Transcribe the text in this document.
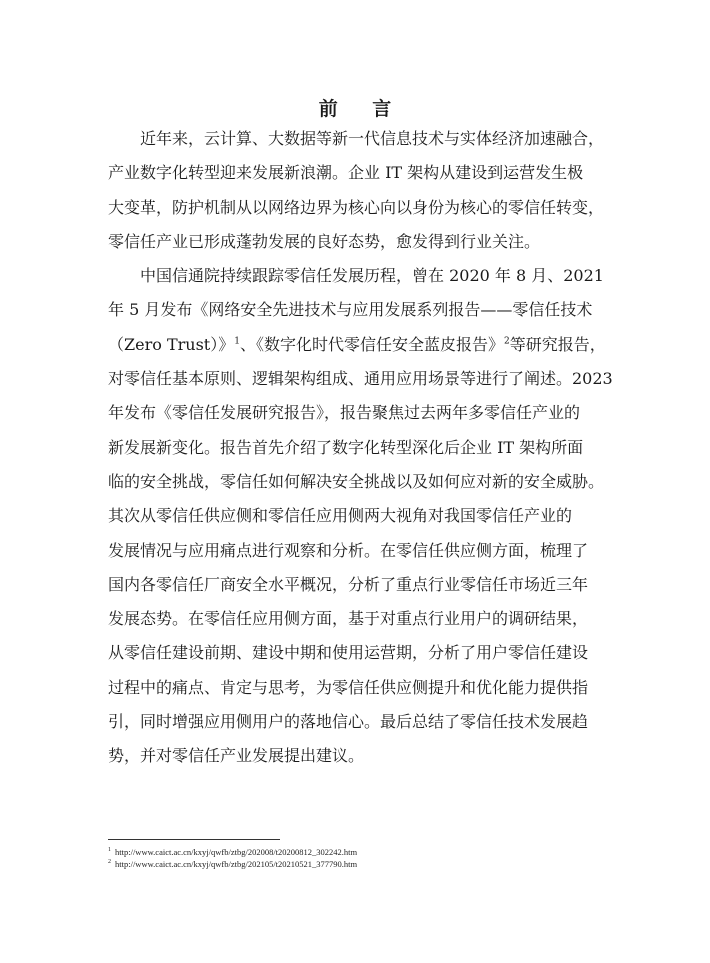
前 言
近年来，云计算、大数据等新一代信息技术与实体经济加速融合，
产业数字化转型迎来发展新浪潮。企业 IT 架构从建设到运营发生极
大变革，防护机制从以网络边界为核心向以身份为核心的零信任转变，
零信任产业已形成蓬勃发展的良好态势，愈发得到行业关注。
中国信通院持续跟踪零信任发展历程，曾在 2020 年 8 月、2021
年 5 月发布《网络安全先进技术与应用发展系列报告——零信任技术
（Zero Trust）》$^1$、《数字化时代零信任安全蓝皮报告》$^2$等研究报告，
对零信任基本原则、逻辑架构组成、通用应用场景等进行了阐述。2023
年发布《零信任发展研究报告》，报告聚焦过去两年多零信任产业的
新发展新变化。报告首先介绍了数字化转型深化后企业 IT 架构所面
临的安全挑战，零信任如何解决安全挑战以及如何应对新的安全威胁。
其次从零信任供应侧和零信任应用侧两大视角对我国零信任产业的
发展情况与应用痛点进行观察和分析。在零信任供应侧方面，梳理了
国内各零信任厂商安全水平概况，分析了重点行业零信任市场近三年
发展态势。在零信任应用侧方面，基于对重点行业用户的调研结果，
从零信任建设前期、建设中期和使用运营期，分析了用户零信任建设
过程中的痛点、肯定与思考，为零信任供应侧提升和优化能力提供指
引，同时增强应用侧用户的落地信心。最后总结了零信任技术发展趋
势，并对零信任产业发展提出建议。
$^1$ http://www.caict.ac.cn/kxyj/qwfb/ztbg/202008/t20200812_302242.htm
$^2$ http://www.caict.ac.cn/kxyj/qwfb/ztbg/202105/t20210521_377790.htm
